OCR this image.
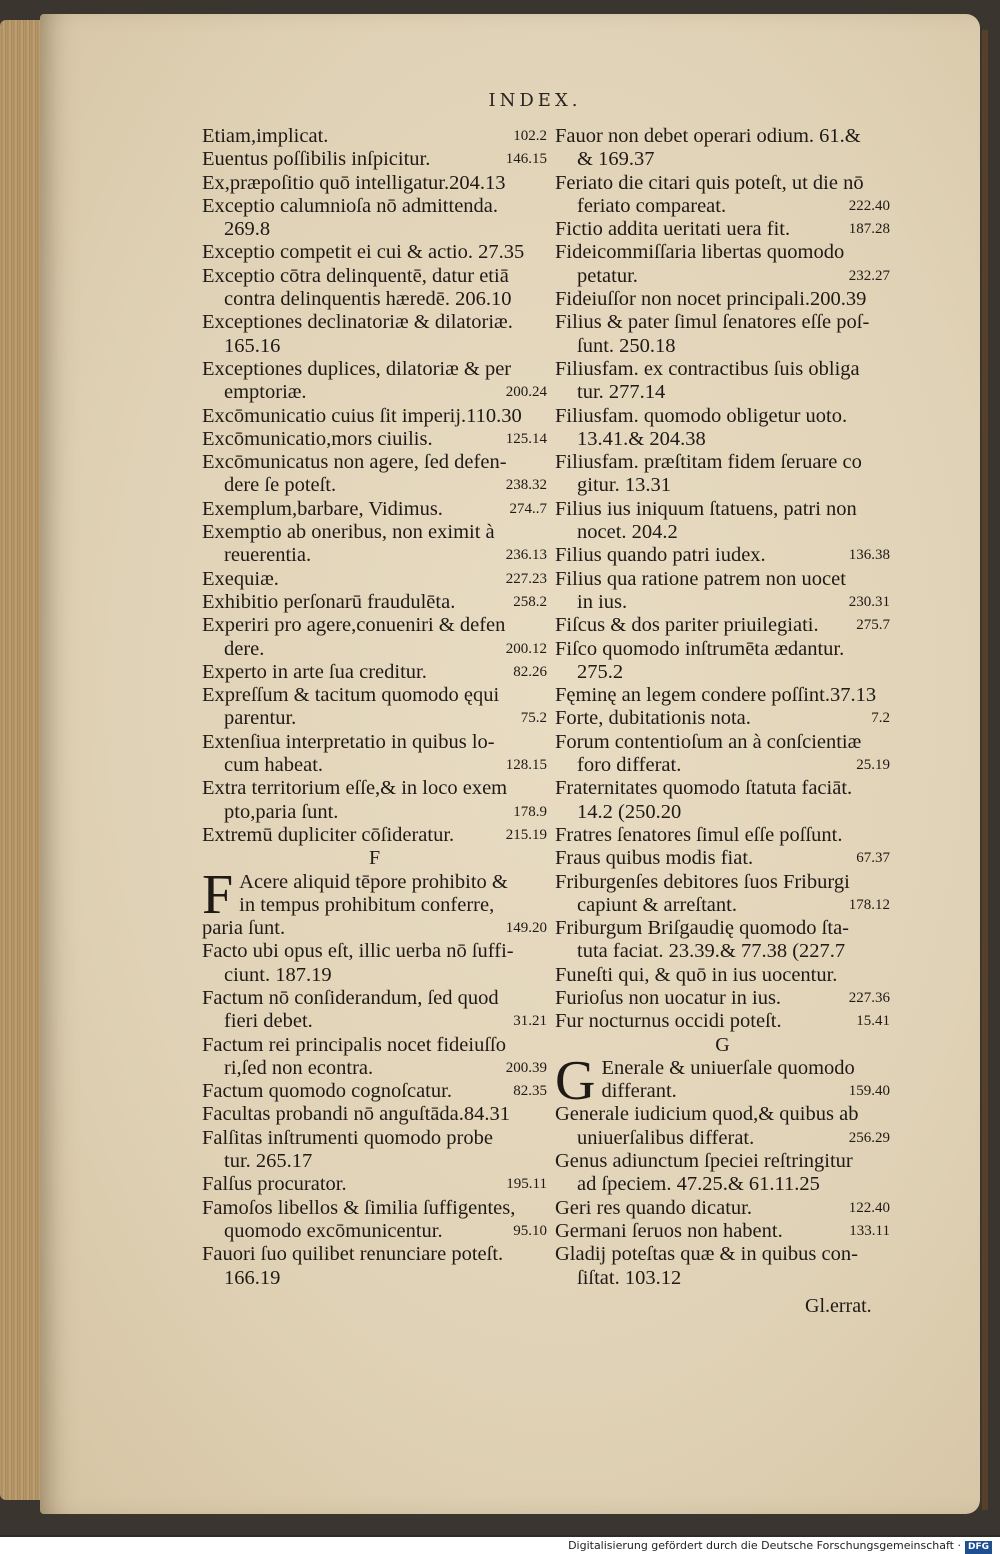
INDEX.
Etiam,implicat.	102.2
Euentus poſſibilis inſpicitur.	146.15
Ex,præpoſitio quō intelligatur.204.13
Exceptio calumnioſa nō admittenda.
269.8
Exceptio competit ei cui & actio. 27.35
Exceptio cōtra delinquentē, datur etiā
contra delinquentis hæredē. 206.10
Exceptiones declinatoriæ & dilatoriæ.
165.16
Exceptiones duplices, dilatoriæ & per
emptoriæ.	200.24
Excōmunicatio cuius ſit imperij.110.30
Excōmunicatio,mors ciuilis.	125.14
Excōmunicatus non agere, ſed defen-
dere ſe poteſt.	238.32
Exemplum,barbare, Vidimus.	274..7
Exemptio ab oneribus, non eximit à
reuerentia.	236.13
Exequiæ.	227.23
Exhibitio perſonarū fraudulēta.	258.2
Experiri pro agere,conueniri & defen
dere.	200.12
Experto in arte ſua creditur.	82.26
Expreſſum & tacitum quomodo ęqui
parentur.	75.2
Extenſiua interpretatio in quibus lo-
cum habeat.	128.15
Extra territorium eſſe,& in loco exem
pto,paria ſunt.	178.9
Extremū dupliciter cōſideratur.	215.19

F

F Acere aliquid tēpore prohibito &
in tempus prohibitum conferre,
paria ſunt.	149.20
Facto ubi opus eſt, illic uerba nō ſuffi-
ciunt. 187.19
Factum nō conſiderandum, ſed quod
fieri debet.	31.21
Factum rei principalis nocet fideiuſſo
ri,ſed non econtra.	200.39
Factum quomodo cognoſcatur.	82.35
Facultas probandi nō anguſtāda.84.31
Falſitas inſtrumenti quomodo probe
tur. 265.17
Falſus procurator.	195.11
Famoſos libellos & ſimilia ſuffigentes,
quomodo excōmunicentur.	95.10
Fauori ſuo quilibet renunciare poteſt.
166.19
Fauor non debet operari odium. 61.&
& 169.37
Feriato die citari quis poteſt, ut die nō
feriato compareat.	222.40
Fictio addita ueritati uera fit.	187.28
Fideicommiſſaria libertas quomodo
petatur.	232.27
Fideiuſſor non nocet principali.200.39
Filius & pater ſimul ſenatores eſſe poſ-
ſunt. 250.18
Filiusfam. ex contractibus ſuis obliga
tur. 277.14
Filiusfam. quomodo obligetur uoto.
13.41.& 204.38
Filiusfam. præſtitam fidem ſeruare co
gitur. 13.31
Filius ius iniquum ſtatuens, patri non
nocet. 204.2
Filius quando patri iudex.	136.38
Filius qua ratione patrem non uocet
in ius.	230.31
Fiſcus & dos pariter priuilegiati.	275.7
Fiſco quomodo inſtrumēta ædantur.
275.2
Fęminę an legem condere poſſint.37.13
Forte, dubitationis nota.	7.2
Forum contentioſum an à conſcientiæ
foro differat.	25.19
Fraternitates quomodo ſtatuta faciāt.
14.2 (250.20
Fratres ſenatores ſimul eſſe poſſunt.
Fraus quibus modis fiat.	67.37
Friburgenſes debitores ſuos Friburgi
capiunt & arreſtant.	178.12
Friburgum Briſgaudię quomodo ſta-
tuta faciat. 23.39.& 77.38 (227.7
Funeſti qui, & quō in ius uocentur.
Furioſus non uocatur in ius.	227.36
Fur nocturnus occidi poteſt.	15.41

G

G Enerale & uniuerſale quomodo
differant.	159.40
Generale iudicium quod,& quibus ab
uniuerſalibus differat.	256.29
Genus adiunctum ſpeciei reſtringitur
ad ſpeciem. 47.25.& 61.11.25
Geri res quando dicatur.	122.40
Germani ſeruos non habent.	133.11
Gladij poteſtas quæ & in quibus con-
ſiſtat. 103.12
Gl.errat.
Digitalisierung gefördert durch die Deutsche Forschungsgemeinschaft · DFG
